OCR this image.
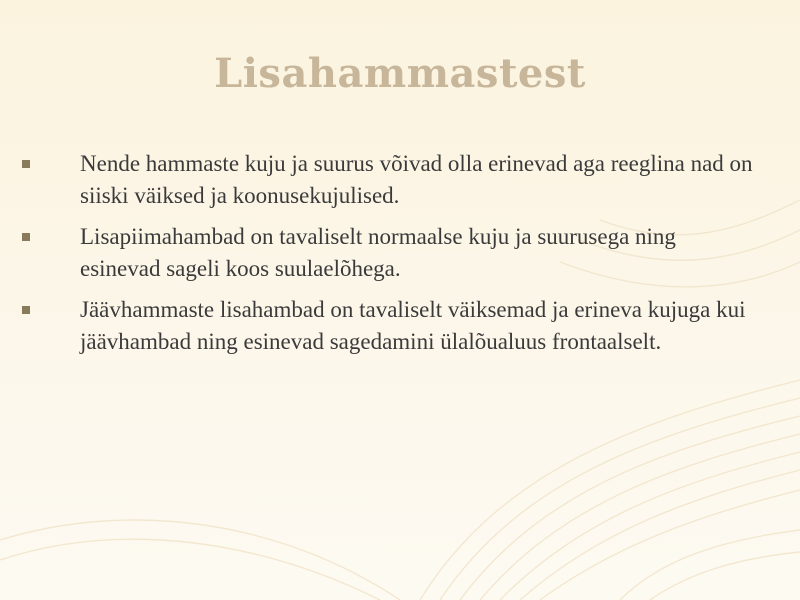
Lisahammastest
Nende hammaste kuju ja suurus võivad olla erinevad aga reeglina nad on siiski väiksed ja koonusekujulised.
Lisapiimahambad on tavaliselt normaalse kuju ja suurusega ning esinevad sageli koos suulaelõhega.
Jäävhammaste lisahambad on tavaliselt väiksemad ja erineva kujuga kui jäävhambad ning esinevad sagedamini ülalõualuus frontaalselt.
